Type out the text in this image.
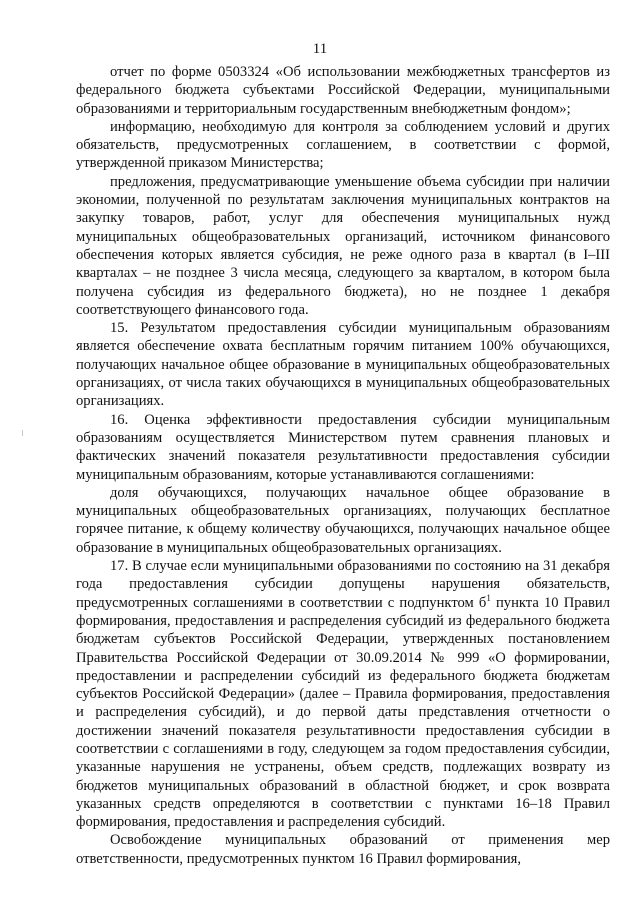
11

отчет по форме 0503324 «Об использовании межбюджетных трансфертов из федерального бюджета субъектами Российской Федерации, муниципальными образованиями и территориальным государственным внебюджетным фондом»;

информацию, необходимую для контроля за соблюдением условий и других обязательств, предусмотренных соглашением, в соответствии с формой, утвержденной приказом Министерства;

предложения, предусматривающие уменьшение объема субсидии при наличии экономии, полученной по результатам заключения муниципальных контрактов на закупку товаров, работ, услуг для обеспечения муниципальных нужд муниципальных общеобразовательных организаций, источником финансового обеспечения которых является субсидия, не реже одного раза в квартал (в I–III кварталах – не позднее 3 числа месяца, следующего за кварталом, в котором была получена субсидия из федерального бюджета), но не позднее 1 декабря соответствующего финансового года.

15. Результатом предоставления субсидии муниципальным образованиям является обеспечение охвата бесплатным горячим питанием 100% обучающихся, получающих начальное общее образование в муниципальных общеобразовательных организациях, от числа таких обучающихся в муниципальных общеобразовательных организациях.

16. Оценка эффективности предоставления субсидии муниципальным образованиям осуществляется Министерством путем сравнения плановых и фактических значений показателя результативности предоставления субсидии муниципальным образованиям, которые устанавливаются соглашениями:

доля обучающихся, получающих начальное общее образование в муниципальных общеобразовательных организациях, получающих бесплатное горячее питание, к общему количеству обучающихся, получающих начальное общее образование в муниципальных общеобразовательных организациях.

17. В случае если муниципальными образованиями по состоянию на 31 декабря года предоставления субсидии допущены нарушения обязательств, предусмотренных соглашениями в соответствии с подпунктом $б^1$ пункта 10 Правил формирования, предоставления и распределения субсидий из федерального бюджета бюджетам субъектов Российской Федерации, утвержденных постановлением Правительства Российской Федерации от 30.09.2014 № 999 «О формировании, предоставлении и распределении субсидий из федерального бюджета бюджетам субъектов Российской Федерации» (далее – Правила формирования, предоставления и распределения субсидий), и до первой даты представления отчетности о достижении значений показателя результативности предоставления субсидии в соответствии с соглашениями в году, следующем за годом предоставления субсидии, указанные нарушения не устранены, объем средств, подлежащих возврату из бюджетов муниципальных образований в областной бюджет, и срок возврата указанных средств определяются в соответствии с пунктами 16–18 Правил формирования, предоставления и распределения субсидий.

Освобождение муниципальных образований от применения мер ответственности, предусмотренных пунктом 16 Правил формирования,
